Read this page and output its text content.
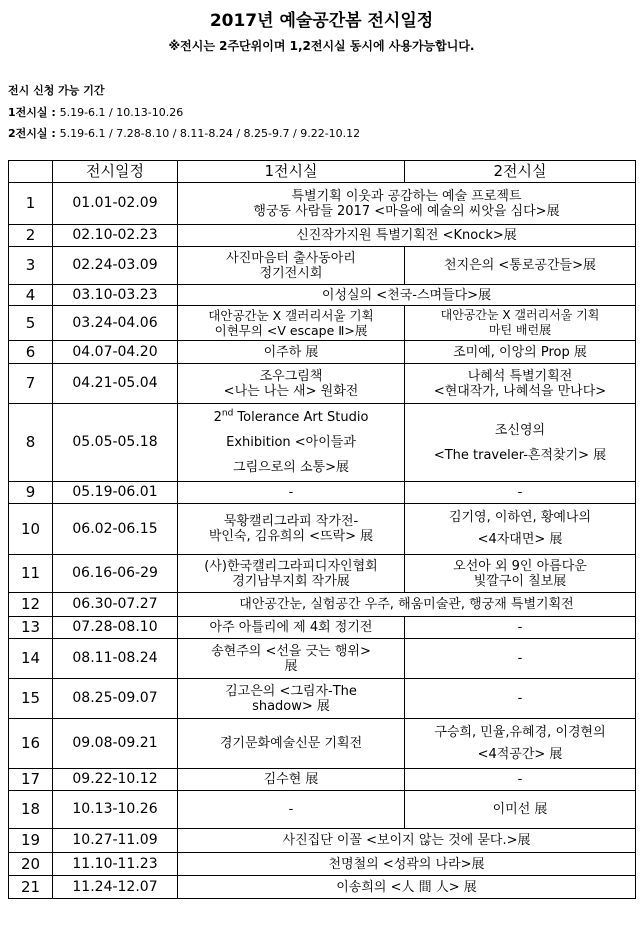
2017년 예술공간봄 전시일정
※전시는 2주단위이며 1,2전시실 동시에 사용가능합니다.
전시 신청 가능 기간
1전시실 : 5.19-6.1 / 10.13-10.26
2전시실 : 5.19-6.1 / 7.28-8.10 / 8.11-8.24 / 8.25-9.7 / 9.22-10.12
	전시일정	1전시실	2전시실
1	01.01-02.09	특별기획 이웃과 공감하는 예술 프로젝트
행궁동 사람들 2017 <마을에 예술의 씨앗을 심다>展	
2	02.10-02.23	신진작가지원 특별기획전 <Knock>展	
3	02.24-03.09	사진마음터 출사동아리
정기전시회	천지은의 <통로공간들>展
4	03.10-03.23	이성실의 <천국-스며들다>展	
5	03.24-04.06	대안공간눈 X 갤러리서울 기획
이현무의 <V escape Ⅱ>展	대안공간눈 X 갤러리서울 기획
마틴 배런展
6	04.07-04.20	이주하 展	조미예, 이앙의 Prop 展
7	04.21-05.04	조우그림책
<나는 나는 새> 원화전	나혜석 특별기획전
<현대작가, 나혜석을 만나다>
8	05.05-05.18	2nd Tolerance Art Studio
Exhibition <아이들과
그림으로의 소통>展	조신영의
<The traveler-흔적찾기> 展
9	05.19-06.01	-	-
10	06.02-06.15	묵황캘리그라피 작가전-
박인숙, 김유희의 <뜨락> 展	김기영, 이하연, 황예나의
<4자대면> 展
11	06.16-06-29	(사)한국캘리그라피디자인협회
경기남부지회 작가展	오선아 외 9인 아름다운
빛깔구이 칠보展
12	06.30-07.27	대안공간눈, 실험공간 우주, 해움미술관, 행궁재 특별기획전	
13	07.28-08.10	아주 아틀리에 제 4회 정기전	-
14	08.11-08.24	송현주의 <선을 긋는 행위>
展	-
15	08.25-09.07	김고은의 <그림자-The
shadow> 展	-
16	09.08-09.21	경기문화예술신문 기획전	구승희, 민율,유혜경, 이경현의
<4적공간> 展
17	09.22-10.12	김수현 展	-
18	10.13-10.26	-	이미선 展
19	10.27-11.09	사진집단 이꼴 <보이지 않는 것에 묻다.>展	
20	11.10-11.23	천명철의 <성곽의 나라>展	
21	11.24-12.07	이송희의 <人 間 人> 展	
